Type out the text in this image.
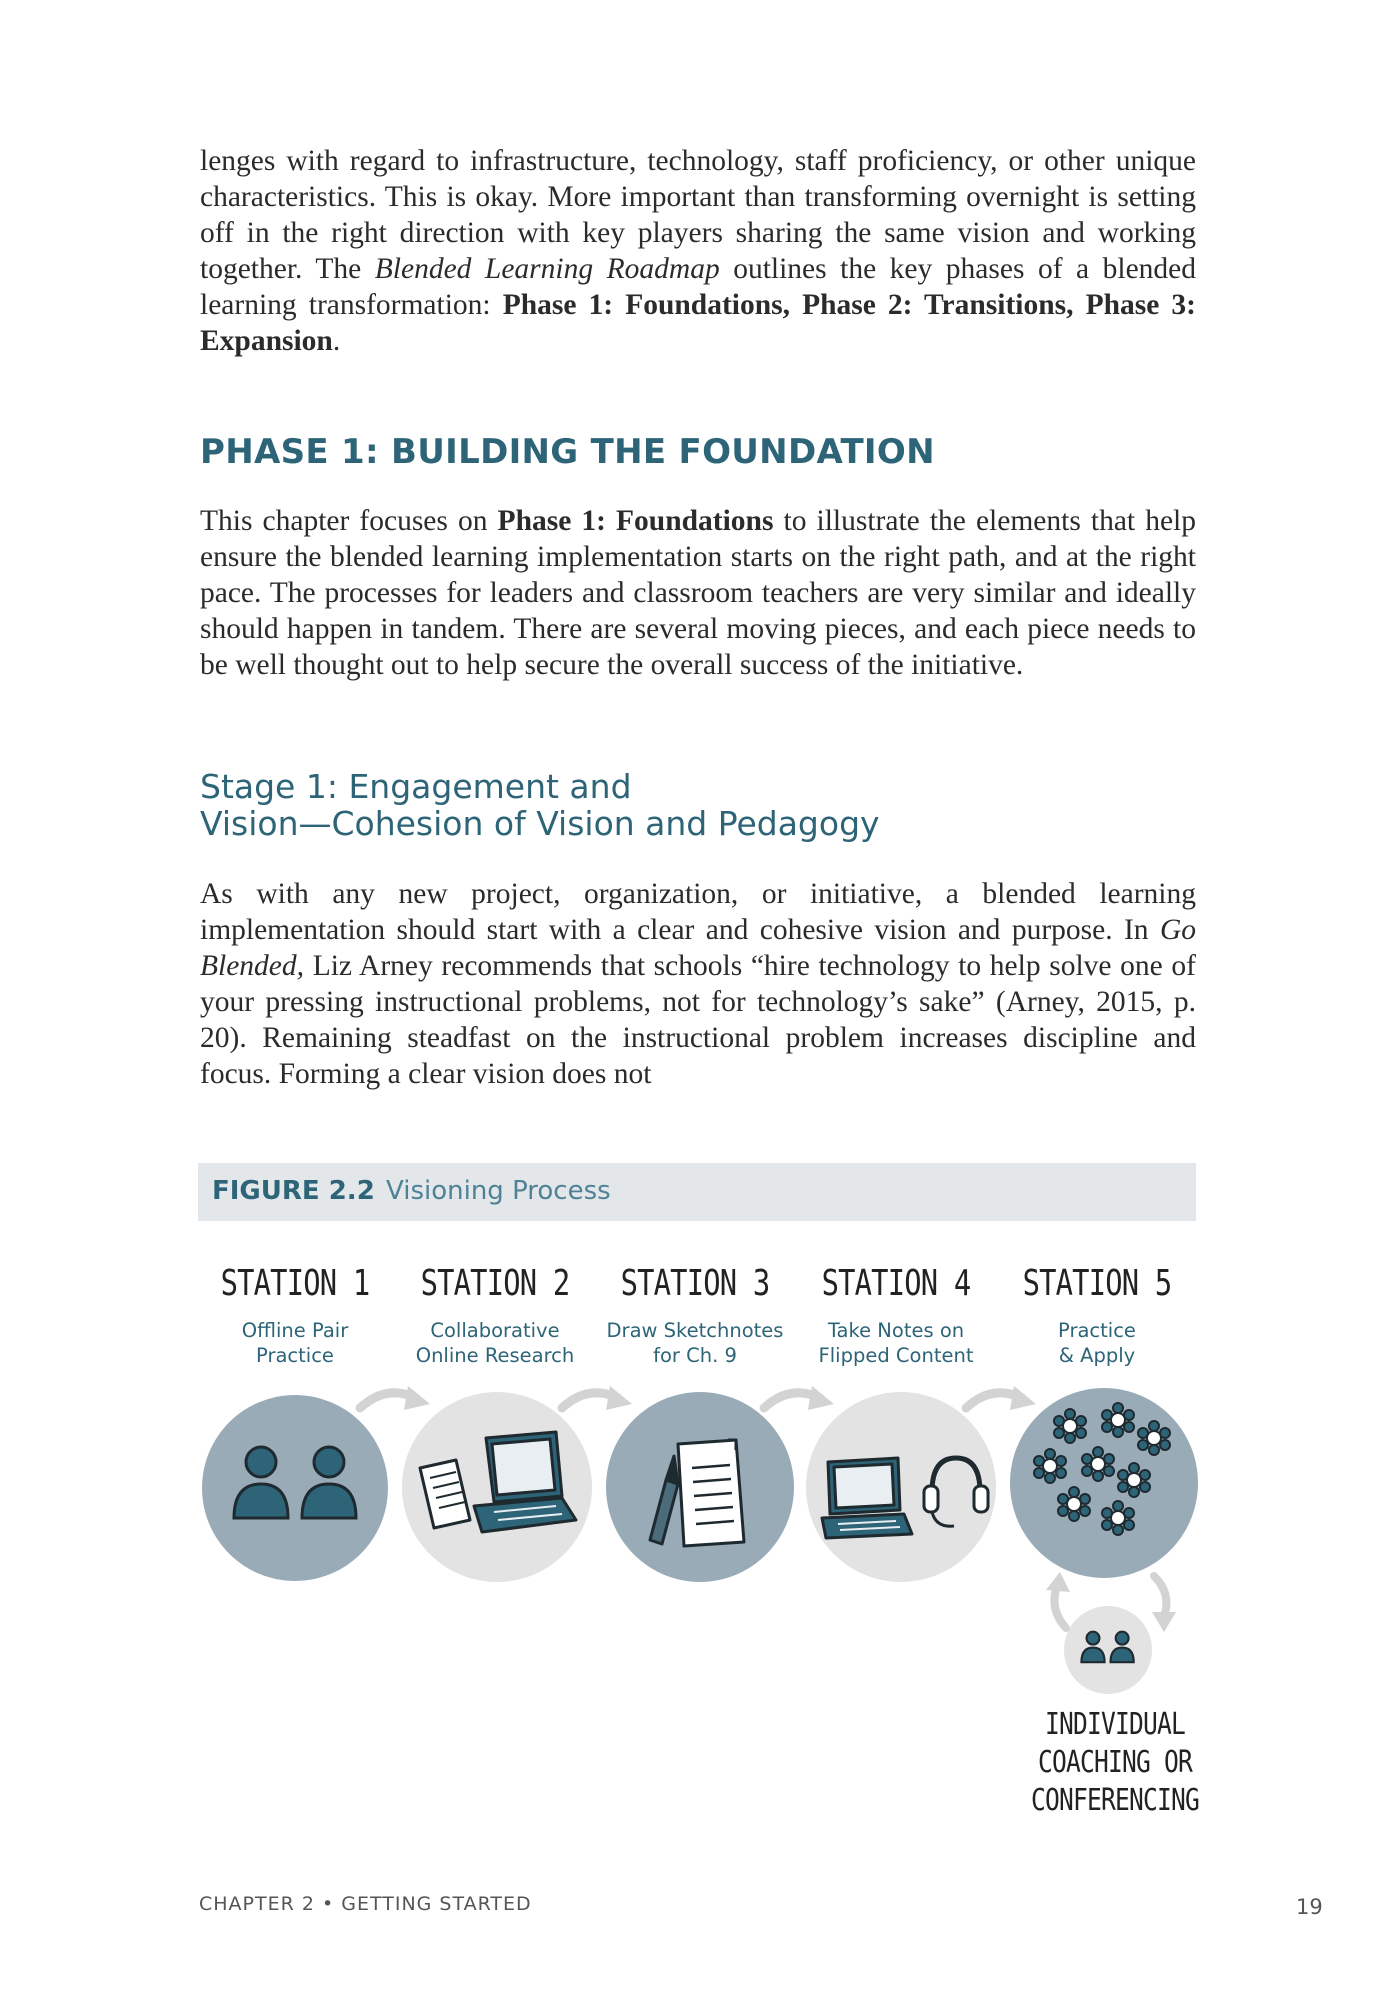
lenges with regard to infrastructure, technology, staff proficiency, or other unique characteristics. This is okay. More important than transforming overnight is setting off in the right direction with key players sharing the same vision and working together. The Blended Learning Roadmap outlines the key phases of a blended learning transformation: Phase 1: Foundations, Phase 2: Transitions, Phase 3: Expansion.

PHASE 1: BUILDING THE FOUNDATION

This chapter focuses on Phase 1: Foundations to illustrate the elements that help ensure the blended learning implementation starts on the right path, and at the right pace. The processes for leaders and classroom teachers are very similar and ideally should happen in tandem. There are several moving pieces, and each piece needs to be well thought out to help secure the overall success of the initiative.

Stage 1: Engagement and
Vision—Cohesion of Vision and Pedagogy

As with any new project, organization, or initiative, a blended learning implementation should start with a clear and cohesive vision and purpose. In Go Blended, Liz Arney recommends that schools “hire technology to help solve one of your pressing instructional problems, not for technology’s sake” (Arney, 2015, p. 20). Remaining steadfast on the instructional problem increases discipline and focus. Forming a clear vision does not

FIGURE 2.2 Visioning Process
STATION 1 STATION 2 STATION 3 STATION 4 STATION 5
Offline Pair
Practice
Collaborative
Online Research
Draw Sketchnotes
for Ch. 9
Take Notes on
Flipped Content
Practice
& Apply
INDIVIDUAL
COACHING OR
CONFERENCING
CHAPTER 2 • GETTING STARTED	19
